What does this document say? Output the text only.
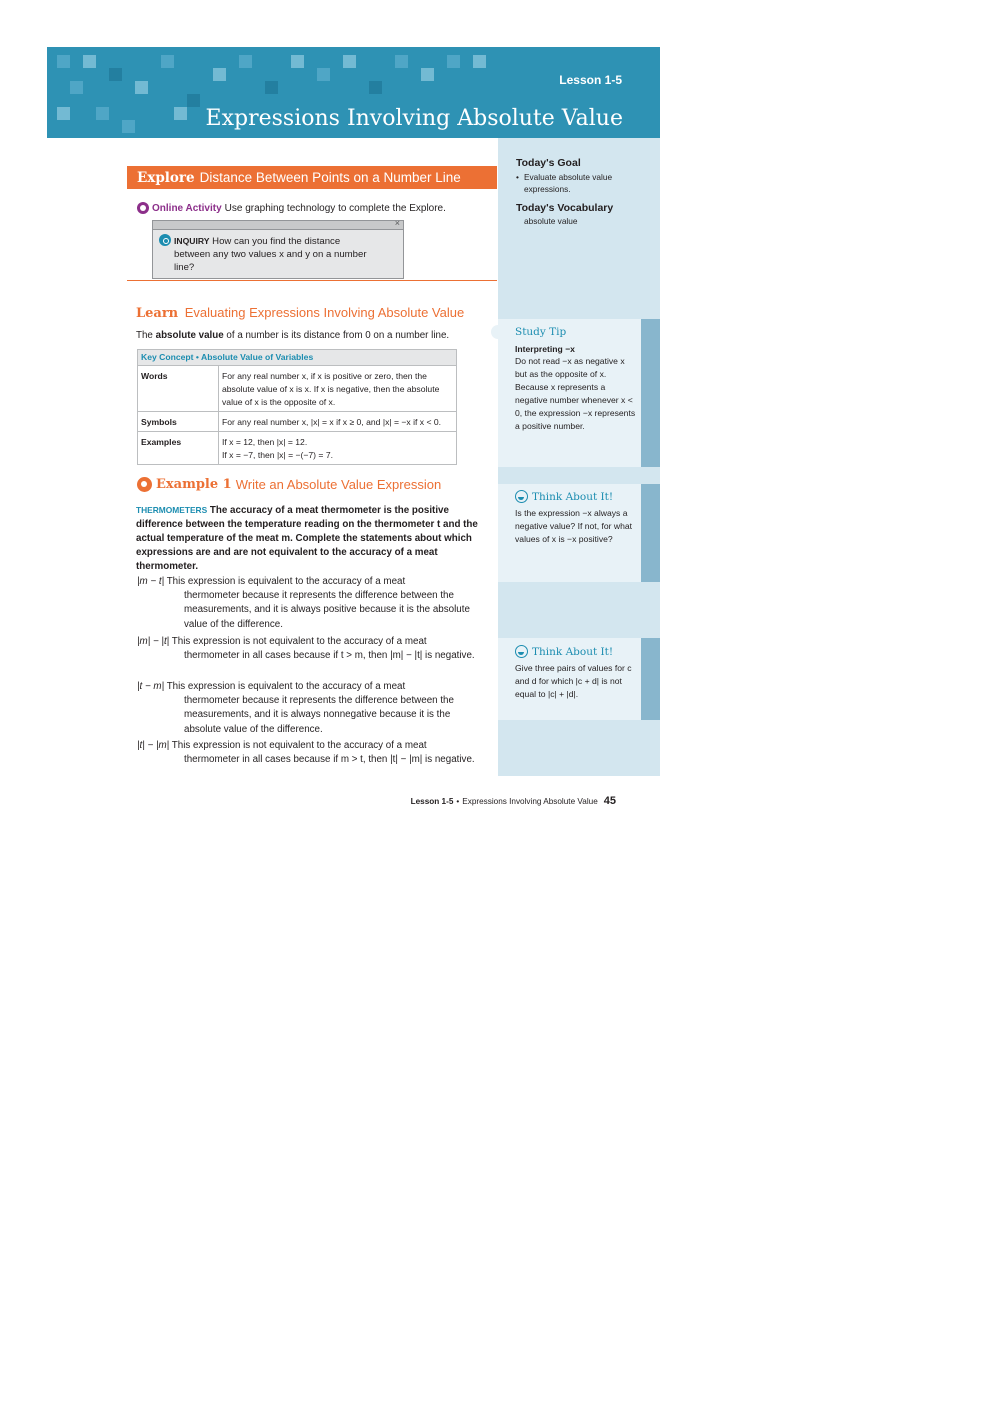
Lesson 1-5
Expressions Involving Absolute Value
Today's Goal
• Evaluate absolute value expressions.
Today's Vocabulary
absolute value
Study Tip
Interpreting −x
Do not read −x as negative x but as the opposite of x. Because x represents a negative number whenever x < 0, the expression −x represents a positive number.
Think About It!
Is the expression −x always a negative value? If not, for what values of x is −x positive?
Think About It!
Give three pairs of values for c and d for which |c + d| is not equal to |c| + |d|.
Explore Distance Between Points on a Number Line
Online Activity Use graphing technology to complete the Explore.
×
INQUIRY How can you find the distance between any two values x and y on a number line?
Learn Evaluating Expressions Involving Absolute Value
The absolute value of a number is its distance from 0 on a number line.
Key Concept • Absolute Value of Variables
Words	For any real number x, if x is positive or zero, then the absolute value of x is x. If x is negative, then the absolute value of x is the opposite of x.
Symbols	For any real number x, |x| = x if x ≥ 0, and |x| = −x if x < 0.
Examples	If x = 12, then |x| = 12.
If x = −7, then |x| = −(−7) = 7.
Example 1 Write an Absolute Value Expression
THERMOMETERS The accuracy of a meat thermometer is the positive difference between the temperature reading on the thermometer t and the actual temperature of the meat m. Complete the statements about which expressions are and are not equivalent to the accuracy of a meat thermometer.
|m − t| This expression is equivalent to the accuracy of a meat
thermometer because it represents the difference between the measurements, and it is always positive because it is the absolute value of the difference.
|m| − |t| This expression is not equivalent to the accuracy of a meat
thermometer in all cases because if t > m, then |m| − |t| is negative.
|t − m| This expression is equivalent to the accuracy of a meat
thermometer because it represents the difference between the measurements, and it is always nonnegative because it is the absolute value of the difference.
|t| − |m| This expression is not equivalent to the accuracy of a meat
thermometer in all cases because if m > t, then |t| − |m| is negative.
Lesson 1-5 • Expressions Involving Absolute Value 45
